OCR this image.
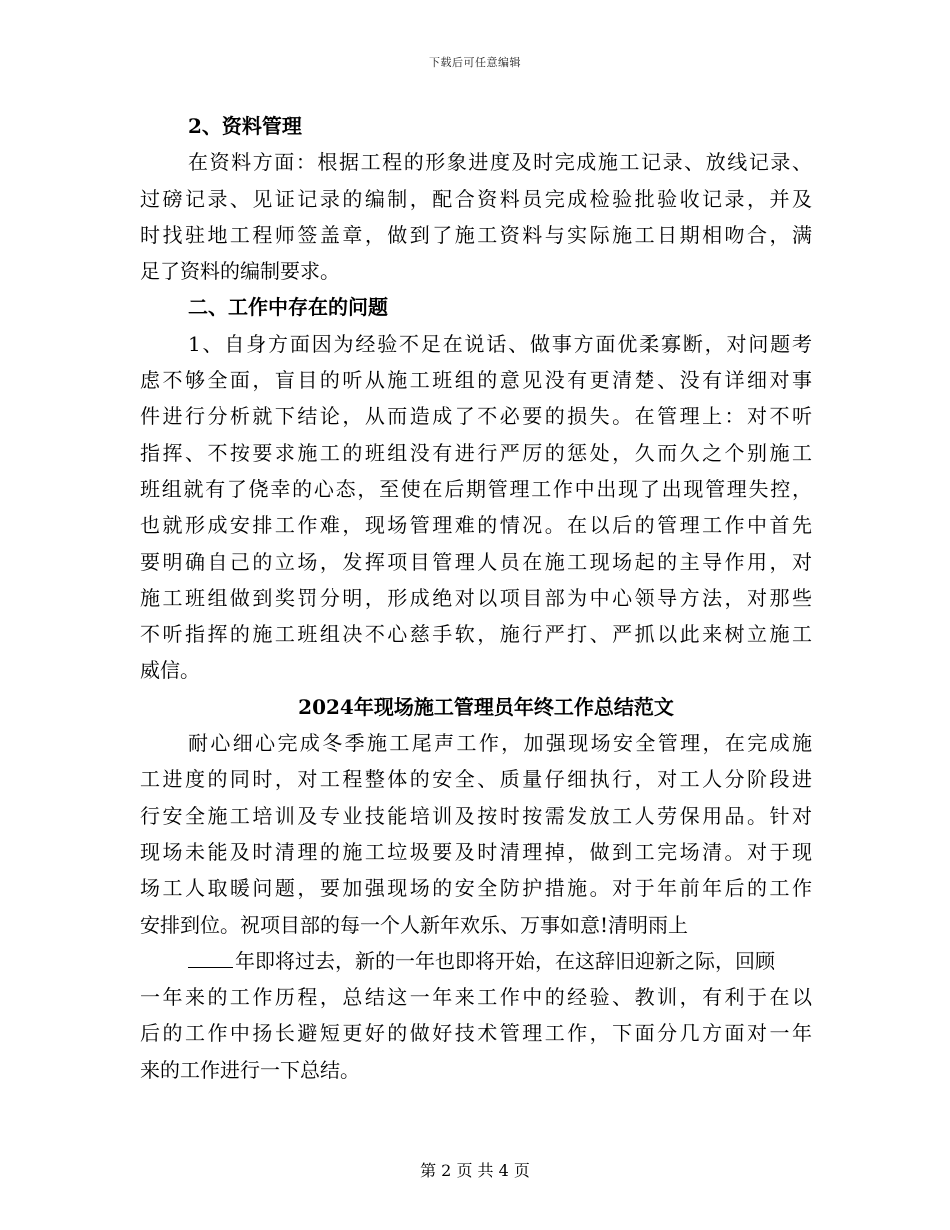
下载后可任意编辑
2、资料管理
在资料方面：根据工程的形象进度及时完成施工记录、放线记录、
过磅记录、见证记录的编制，配合资料员完成检验批验收记录，并及
时找驻地工程师签盖章，做到了施工资料与实际施工日期相吻合，满
足了资料的编制要求。
二、工作中存在的问题
1、自身方面因为经验不足在说话、做事方面优柔寡断，对问题考
虑不够全面，盲目的听从施工班组的意见没有更清楚、没有详细对事
件进行分析就下结论，从而造成了不必要的损失。在管理上：对不听
指挥、不按要求施工的班组没有进行严厉的惩处，久而久之个别施工
班组就有了侥幸的心态，至使在后期管理工作中出现了出现管理失控，
也就形成安排工作难，现场管理难的情况。在以后的管理工作中首先
要明确自己的立场，发挥项目管理人员在施工现场起的主导作用，对
施工班组做到奖罚分明，形成绝对以项目部为中心领导方法，对那些
不听指挥的施工班组决不心慈手软，施行严打、严抓以此来树立施工
威信。
2024年现场施工管理员年终工作总结范文
耐心细心完成冬季施工尾声工作，加强现场安全管理，在完成施
工进度的同时，对工程整体的安全、质量仔细执行，对工人分阶段进
行安全施工培训及专业技能培训及按时按需发放工人劳保用品。针对
现场未能及时清理的施工垃圾要及时清理掉，做到工完场清。对于现
场工人取暖问题，要加强现场的安全防护措施。对于年前年后的工作
安排到位。祝项目部的每一个人新年欢乐、万事如意!清明雨上
年即将过去，新的一年也即将开始，在这辞旧迎新之际，回顾
一年来的工作历程，总结这一年来工作中的经验、教训，有利于在以
后的工作中扬长避短更好的做好技术管理工作，下面分几方面对一年
来的工作进行一下总结。
第 2 页 共 4 页
